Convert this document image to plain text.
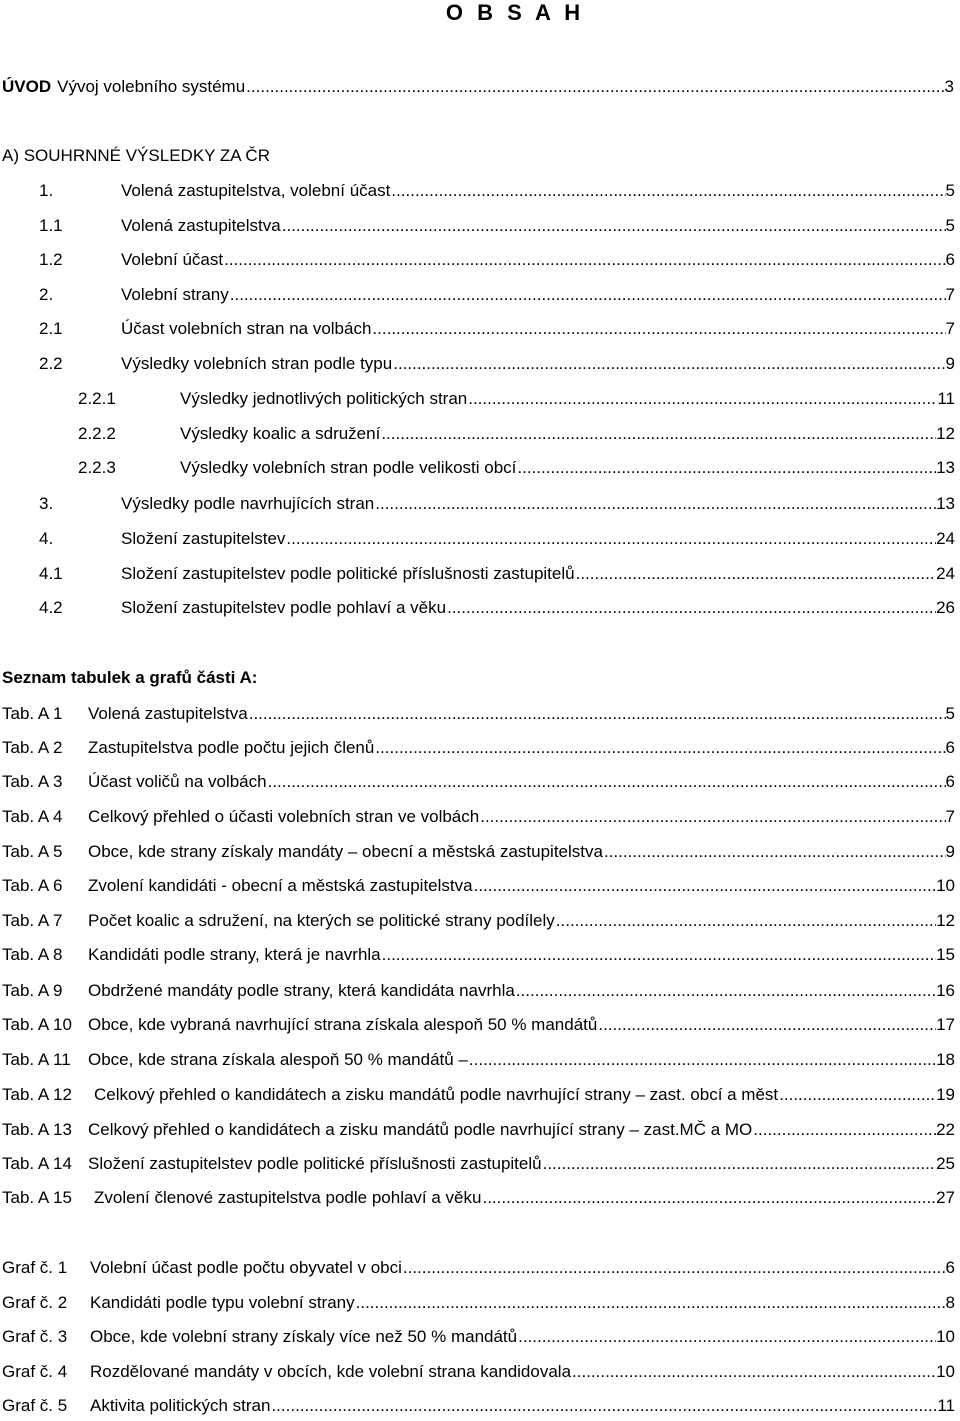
O B S A H
ÚVOD Vývoj volebního systému .....	3
A) SOUHRNNÉ VÝSLEDKY ZA ČR
1.	Volená zastupitelstva, volební účast .....	5
1.1	Volená zastupitelstva .....	5
1.2	Volební účast .....	6
2.	Volební strany .....	7
2.1	Účast volebních stran na volbách .....	7
2.2	Výsledky volebních stran podle typu .....	9
2.2.1	Výsledky jednotlivých politických stran .....	11
2.2.2	Výsledky koalic a sdružení .....	12
2.2.3	Výsledky volebních stran podle velikosti obcí .....	13
3.	Výsledky podle navrhujících stran .....	13
4.	Složení zastupitelstev .....	24
4.1	Složení zastupitelstev podle politické příslušnosti zastupitelů .....	24
4.2	Složení zastupitelstev podle pohlaví a věku .....	26
Seznam tabulek a grafů části A:
Tab. A 1	Volená zastupitelstva .....	5
Tab. A 2	Zastupitelstva podle počtu jejich členů .....	6
Tab. A 3	Účast voličů na volbách .....	6
Tab. A 4	Celkový přehled o účasti volebních stran ve volbách .....	7
Tab. A 5	Obce, kde strany získaly mandáty – obecní a městská zastupitelstva .....	9
Tab. A 6	Zvolení kandidáti - obecní a městská zastupitelstva .....	10
Tab. A 7	Počet koalic a sdružení, na kterých se politické strany podílely .....	12
Tab. A 8	Kandidáti podle strany, která je navrhla .....	15
Tab. A 9	Obdržené mandáty podle strany, která kandidáta navrhla .....	16
Tab. A 10 Obce, kde vybraná navrhující strana získala alespoň 50 % mandátů .....	17
Tab. A 11	Obce, kde strana získala alespoň 50 % mandátů – .....	18
Tab. A 12	Celkový přehled o kandidátech a zisku mandátů podle navrhující strany – zast. obcí a měst .....	19
Tab. A 13 Celkový přehled o kandidátech a zisku mandátů podle navrhující strany – zast.MČ a MO .....	22
Tab. A 14 Složení zastupitelstev podle politické příslušnosti zastupitelů .....	25
Tab. A 15	Zvolení členové zastupitelstva podle pohlaví a věku .....	27
Graf č. 1	Volební účast podle počtu obyvatel v obci .....	6
Graf č. 2	Kandidáti podle typu volební strany .....	8
Graf č. 3	Obce, kde volební strany získaly více než 50 % mandátů .....	10
Graf č. 4	Rozdělované mandáty v obcích, kde volební strana kandidovala .....	10
Graf č. 5	Aktivita politických stran .....	11
